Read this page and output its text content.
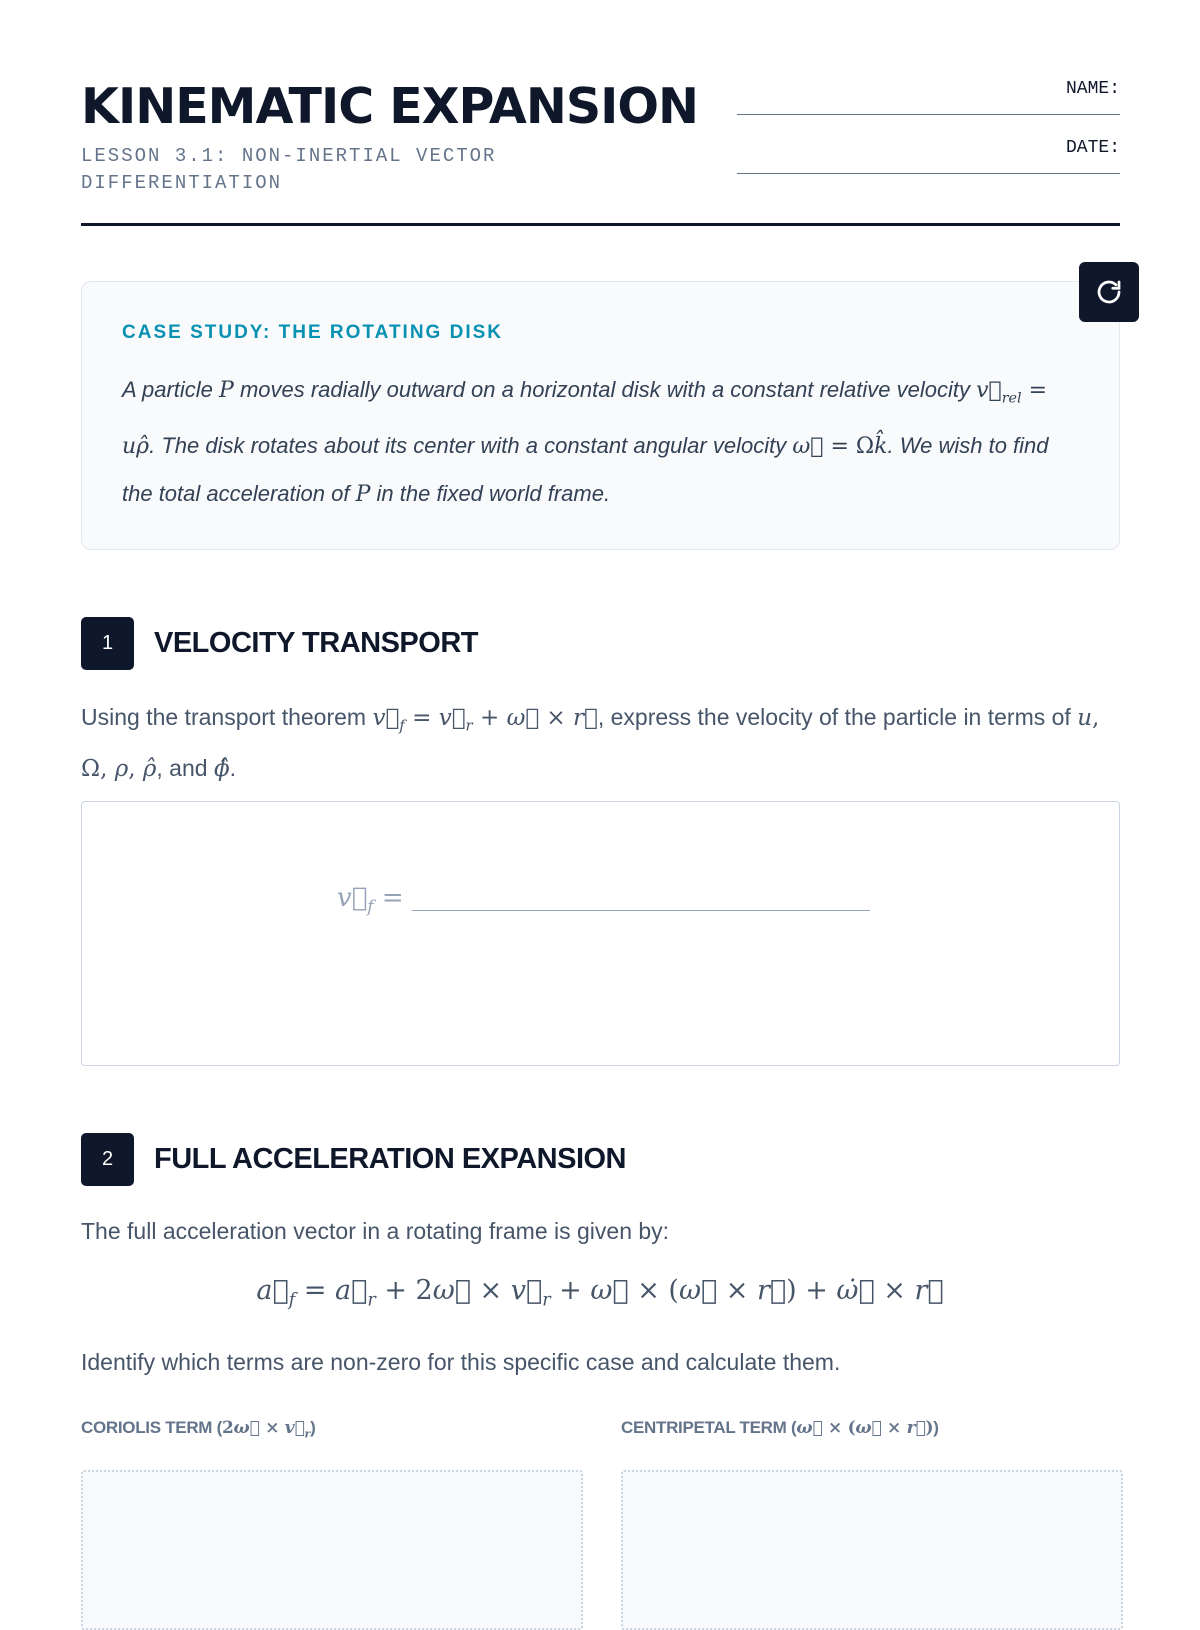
KINEMATIC EXPANSION
LESSON 3.1: NON-INERTIAL VECTOR DIFFERENTIATION
NAME:
DATE:
CASE STUDY: THE ROTATING DISK

A particle P moves radially outward on a horizontal disk with a constant relative velocity $v⃗_{rel}$ = uρ̂. The disk rotates about its center with a constant angular velocity ω⃗ = Ωk̂. We wish to find the total acceleration of P in the fixed world frame.

1	VELOCITY TRANSPORT
Using the transport theorem $v⃗_f$ = $v⃗_r$ + ω⃗ × r⃗, express the velocity of the particle in terms of u, Ω, ρ, ρ̂, and ϕ̂.
$v⃗_f$ =
2	FULL ACCELERATION EXPANSION
The full acceleration vector in a rotating frame is given by:
$a⃗_f$ = $a⃗_r$ + 2ω⃗ × $v⃗_r$ + ω⃗ × (ω⃗ × r⃗) + ω̇⃗ × r⃗
Identify which terms are non-zero for this specific case and calculate them.
CORIOLIS TERM (2ω⃗ × $v⃗_r$)	CENTRIPETAL TERM (ω⃗ × (ω⃗ × r⃗))
